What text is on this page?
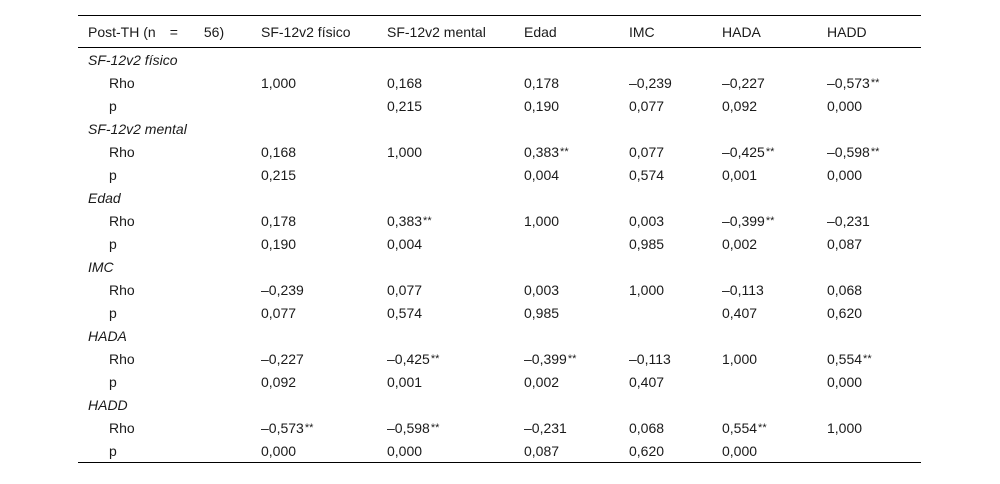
Post-TH (n = 56)	SF-12v2 físico	SF-12v2 mental	Edad	IMC	HADA	HADD
SF-12v2 físico						
Rho	1,000	0,168	0,178	–0,239	–0,227	–0,573**
p		0,215	0,190	0,077	0,092	0,000
SF-12v2 mental						
Rho	0,168	1,000	0,383**	0,077	–0,425**	–0,598**
p	0,215		0,004	0,574	0,001	0,000
Edad						
Rho	0,178	0,383**	1,000	0,003	–0,399**	–0,231
p	0,190	0,004		0,985	0,002	0,087
IMC						
Rho	–0,239	0,077	0,003	1,000	–0,113	0,068
p	0,077	0,574	0,985		0,407	0,620
HADA						
Rho	–0,227	–0,425**	–0,399**	–0,113	1,000	0,554**
p	0,092	0,001	0,002	0,407		0,000
HADD						
Rho	–0,573**	–0,598**	–0,231	0,068	0,554**	1,000
p	0,000	0,000	0,087	0,620	0,000	
